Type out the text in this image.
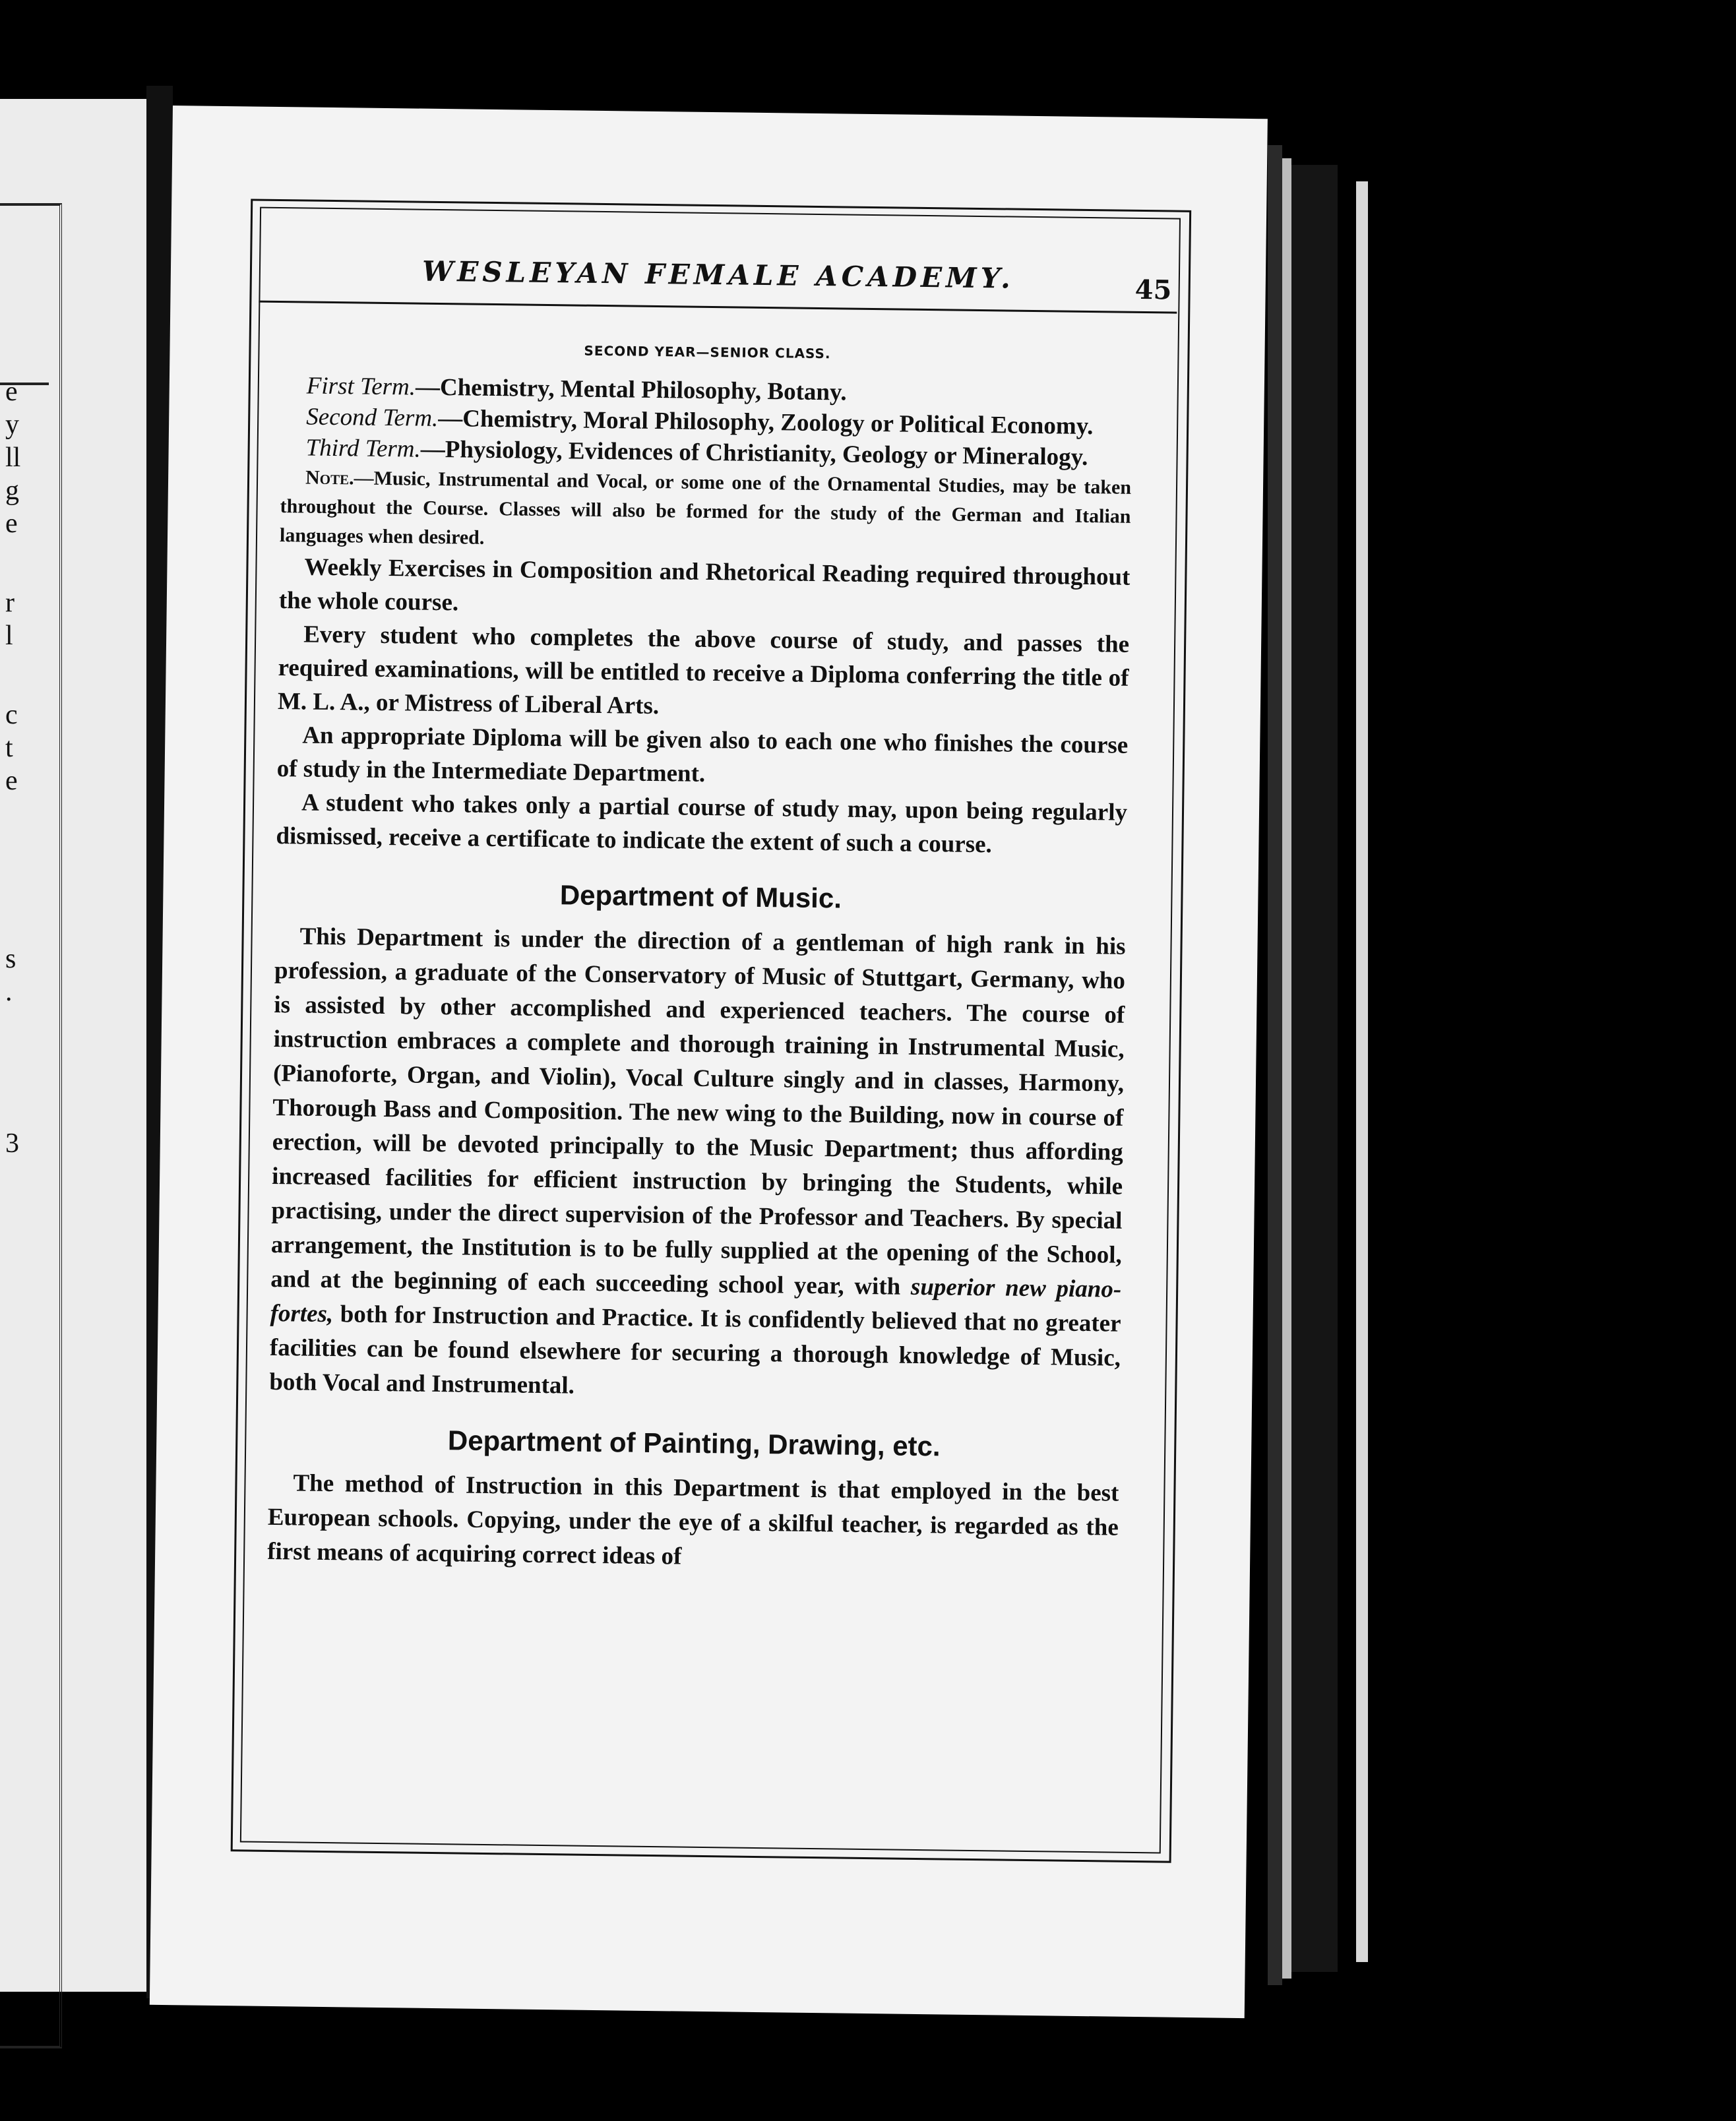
e
y
ll
g
e
r
l
c
t
e
s
.
3
WESLEYAN FEMALE ACADEMY.	45
SECOND YEAR—SENIOR CLASS.

First Term.—Chemistry, Mental Philosophy, Botany.

Second Term.—Chemistry, Moral Philosophy, Zoology or Political Economy.

Third Term.—Physiology, Evidences of Christianity, Geology or Mineralogy.

Note.—Music, Instrumental and Vocal, or some one of the Ornamental Studies, may be taken throughout the Course. Classes will also be formed for the study of the German and Italian languages when desired.

Weekly Exercises in Composition and Rhetorical Reading required throughout the whole course.

Every student who completes the above course of study, and passes the required examinations, will be entitled to receive a Diploma conferring the title of M. L. A., or Mistress of Liberal Arts.

An appropriate Diploma will be given also to each one who finishes the course of study in the Intermediate Department.

A student who takes only a partial course of study may, upon being regularly dismissed, receive a certificate to indicate the extent of such a course.

Department of Music.

This Department is under the direction of a gentleman of high rank in his profession, a graduate of the Conservatory of Music of Stuttgart, Germany, who is assisted by other accomplished and experienced teachers. The course of instruction embraces a complete and thorough training in Instrumental Music, (Pianoforte, Organ, and Violin), Vocal Culture singly and in classes, Harmony, Thorough Bass and Composition. The new wing to the Building, now in course of erection, will be devoted principally to the Music Department; thus affording increased facilities for efficient instruction by bringing the Students, while practising, under the direct supervision of the Professor and Teachers. By special arrangement, the Institution is to be fully supplied at the opening of the School, and at the beginning of each succeeding school year, with superior new piano-fortes, both for Instruction and Practice. It is confidently believed that no greater facilities can be found elsewhere for securing a thorough knowledge of Music, both Vocal and Instrumental.

Department of Painting, Drawing, etc.

The method of Instruction in this Department is that employed in the best European schools. Copying, under the eye of a skilful teacher, is regarded as the first means of acquiring correct ideas of
